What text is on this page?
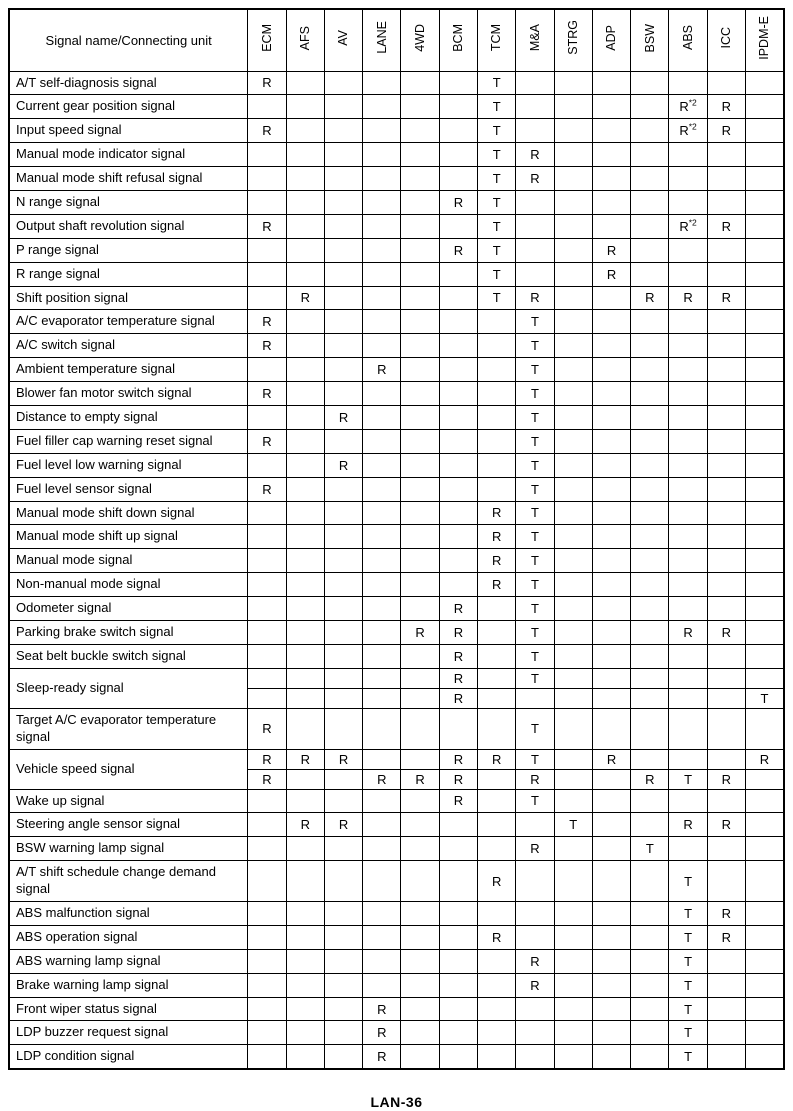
Signal name/Connecting unit	ECM	AFS	AV	LANE	4WD	BCM	TCM	M&A	STRG	ADP	BSW	ABS	ICC	IPDM-E
A/T self-diagnosis signal	R						T							
Current gear position signal							T					$R^{*2}$	R	
Input speed signal	R						T					$R^{*2}$	R	
Manual mode indicator signal							T	R						
Manual mode shift refusal signal							T	R						
N range signal						R	T							
Output shaft revolution signal	R						T					$R^{*2}$	R	
P range signal						R	T			R				
R range signal							T			R				
Shift position signal		R					T	R			R	R	R	
A/C evaporator temperature signal	R							T						
A/C switch signal	R							T						
Ambient temperature signal				R				T						
Blower fan motor switch signal	R							T						
Distance to empty signal			R					T						
Fuel filler cap warning reset signal	R							T						
Fuel level low warning signal			R					T						
Fuel level sensor signal	R							T						
Manual mode shift down signal							R	T						
Manual mode shift up signal							R	T						
Manual mode signal							R	T						
Non-manual mode signal							R	T						
Odometer signal						R		T						
Parking brake switch signal					R	R		T				R	R	
Seat belt buckle switch signal						R		T						
Sleep-ready signal						R		T						
						R								T
Target A/C evaporator temperature signal	R							T						
Vehicle speed signal	R	R	R			R	R	T		R				R
	R			R	R	R		R			R	T	R	
Wake up signal						R		T						
Steering angle sensor signal		R	R						T			R	R	
BSW warning lamp signal								R			T			
A/T shift schedule change demand signal							R					T		
ABS malfunction signal												T	R	
ABS operation signal							R					T	R	
ABS warning lamp signal								R				T		
Brake warning lamp signal								R				T		
Front wiper status signal				R								T		
LDP buzzer request signal				R								T		
LDP condition signal				R								T		
LAN-36
